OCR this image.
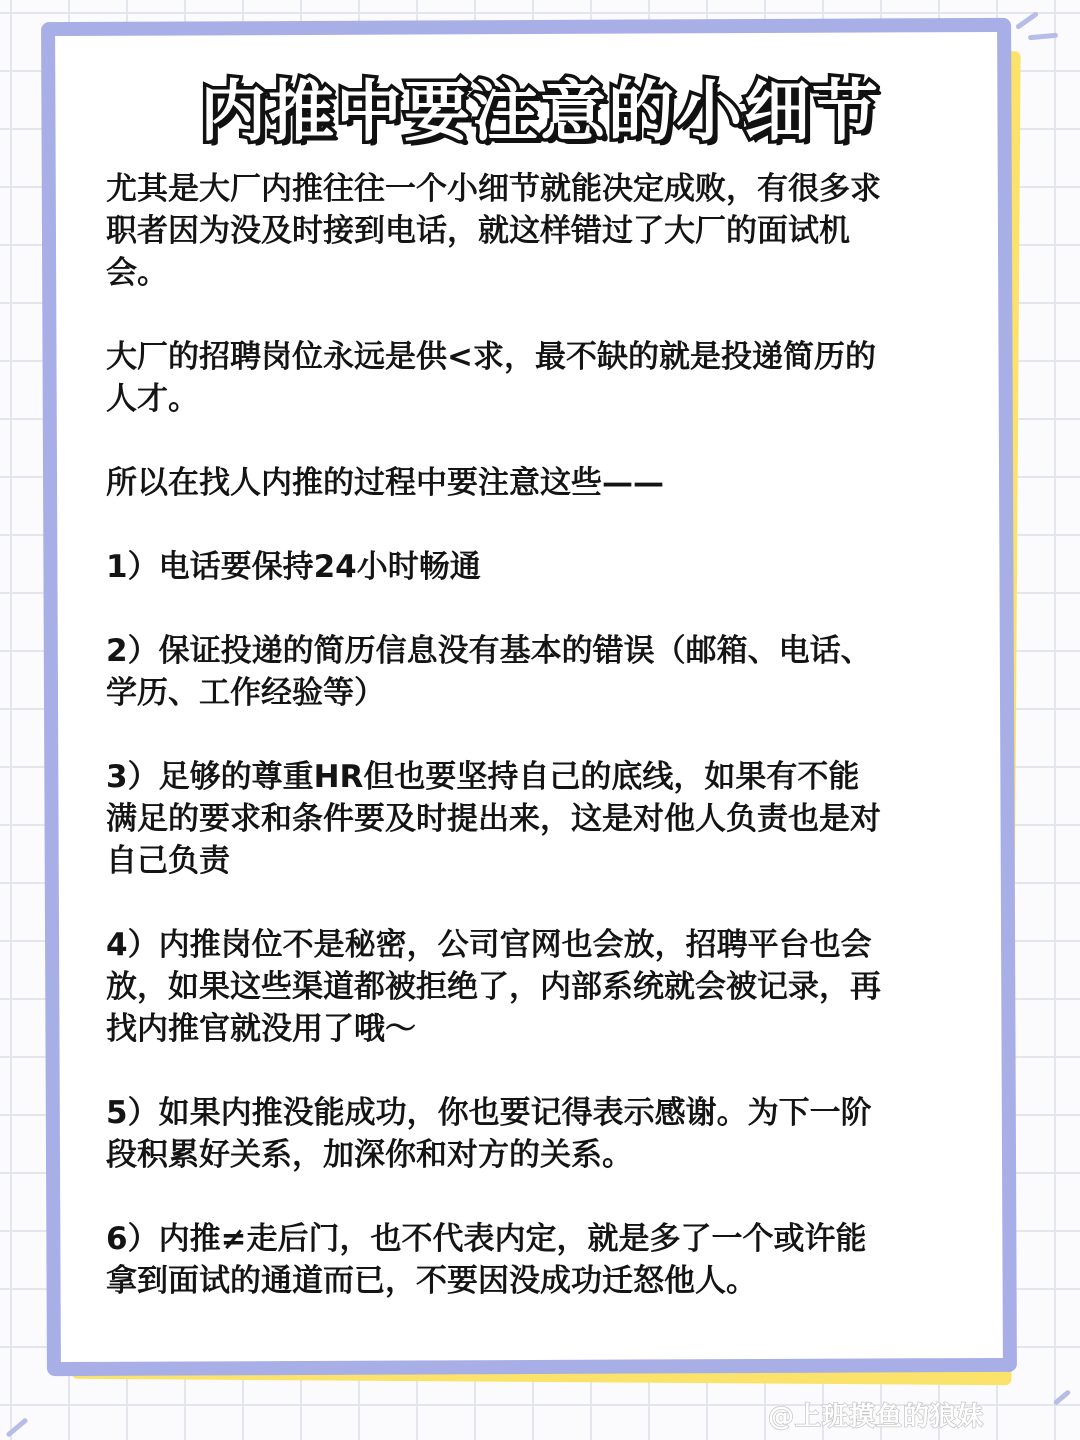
内推中要注意的小细节

尤其是大厂内推往往一个小细节就能决定成败，有很多求
职者因为没及时接到电话，就这样错过了大厂的面试机
会。

大厂的招聘岗位永远是供<求，最不缺的就是投递简历的
人才。

所以在找人内推的过程中要注意这些——

1）电话要保持24小时畅通

2）保证投递的简历信息没有基本的错误（邮箱、电话、
学历、工作经验等）

3）足够的尊重HR但也要坚持自己的底线，如果有不能
满足的要求和条件要及时提出来，这是对他人负责也是对
自己负责

4）内推岗位不是秘密，公司官网也会放，招聘平台也会
放，如果这些渠道都被拒绝了，内部系统就会被记录，再
找内推官就没用了哦～

5）如果内推没能成功，你也要记得表示感谢。为下一阶
段积累好关系，加深你和对方的关系。

6）内推≠走后门，也不代表内定，就是多了一个或许能
拿到面试的通道而已，不要因没成功迁怒他人。

@上班摸鱼的狼妹
